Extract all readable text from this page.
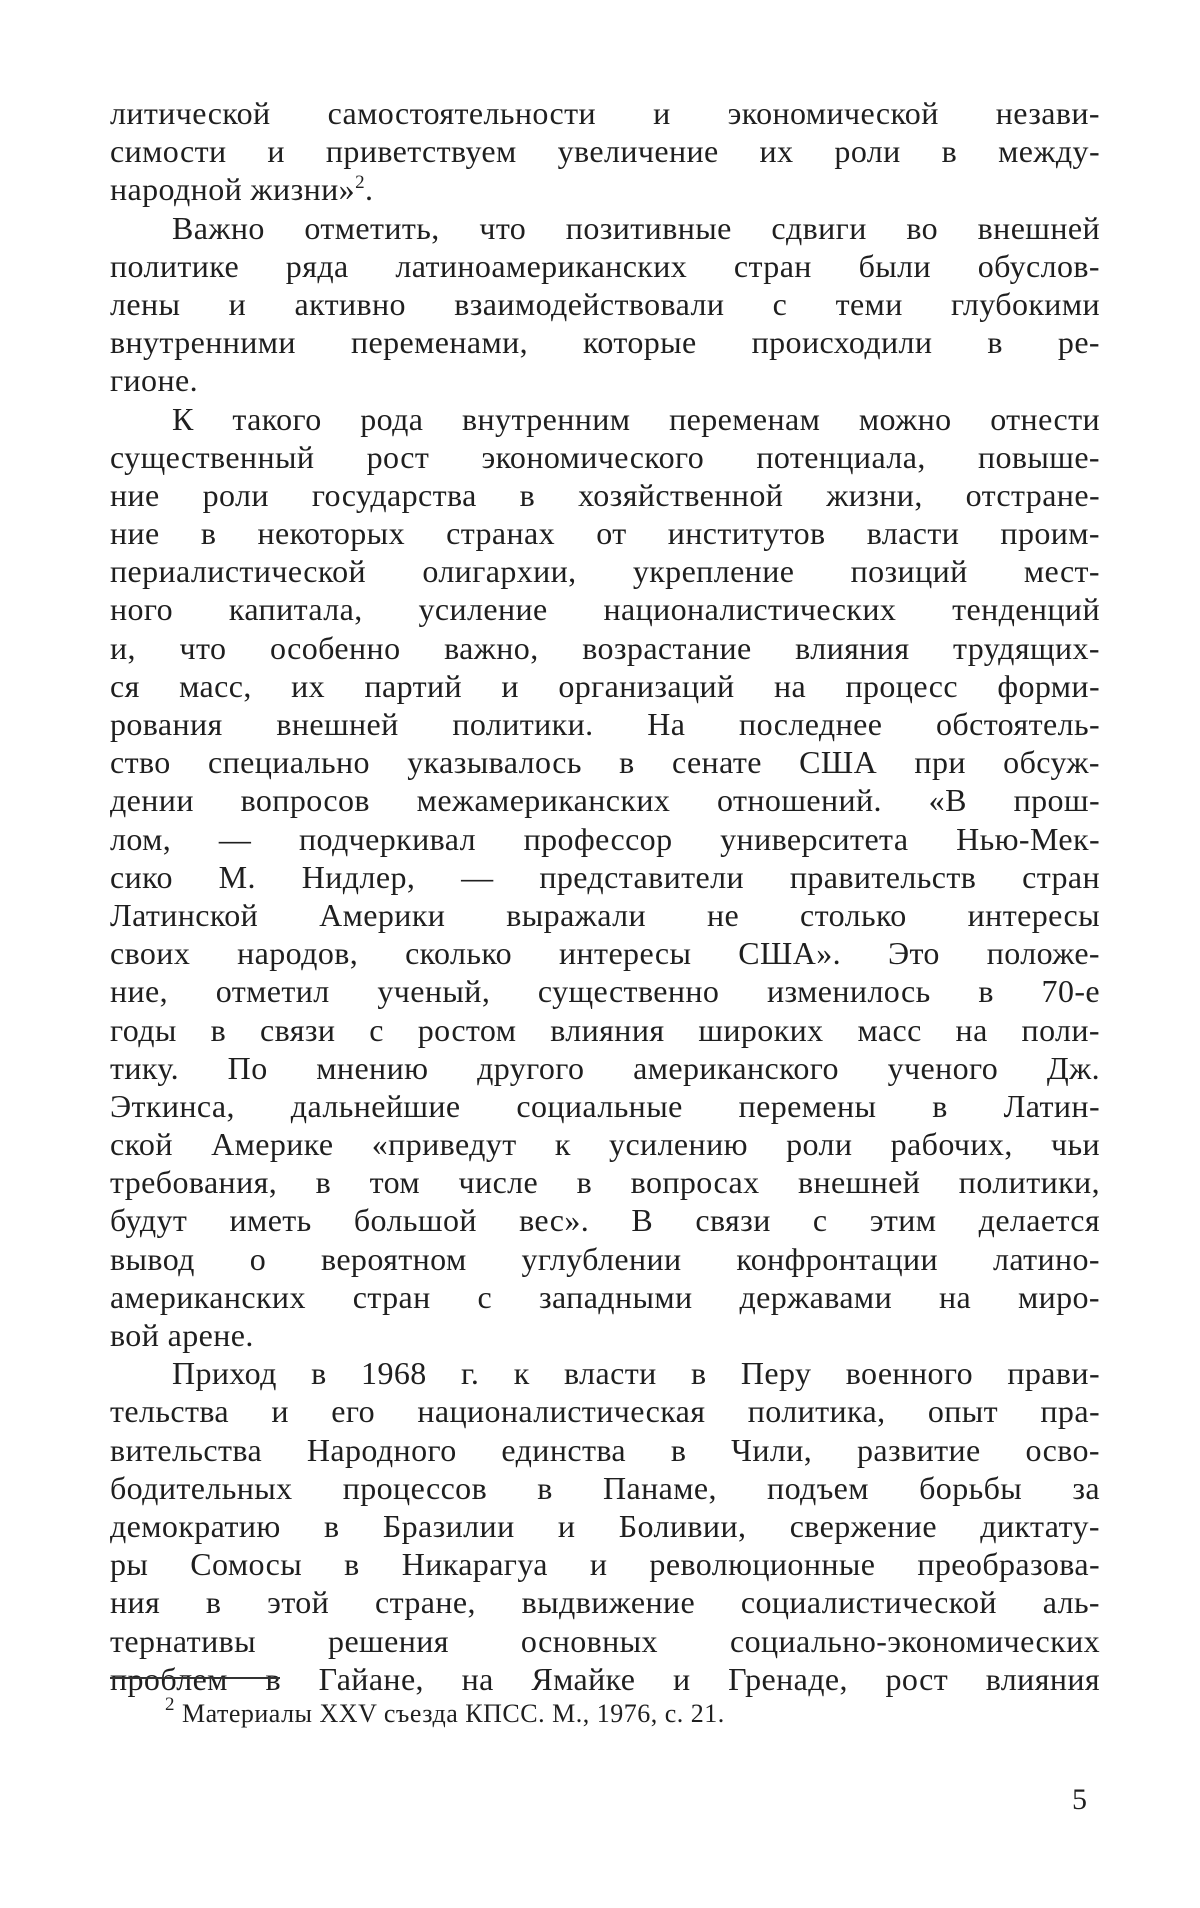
литической самостоятельности и экономической незави-
симости и приветствуем увеличение их роли в между-
народной жизни»$^2$.
Важно отметить, что позитивные сдвиги во внешней
политике ряда латиноамериканских стран были обуслов-
лены и активно взаимодействовали с теми глубокими
внутренними переменами, которые происходили в ре-
гионе.
К такого рода внутренним переменам можно отнести
существенный рост экономического потенциала, повыше-
ние роли государства в хозяйственной жизни, отстране-
ние в некоторых странах от институтов власти проим-
периалистической олигархии, укрепление позиций мест-
ного капитала, усиление националистических тенденций
и, что особенно важно, возрастание влияния трудящих-
ся масс, их партий и организаций на процесс форми-
рования внешней политики. На последнее обстоятель-
ство специально указывалось в сенате США при обсуж-
дении вопросов межамериканских отношений. «В прош-
лом, — подчеркивал профессор университета Нью-Мек-
сико М. Нидлер, — представители правительств стран
Латинской Америки выражали не столько интересы
своих народов, сколько интересы США». Это положе-
ние, отметил ученый, существенно изменилось в 70-е
годы в связи с ростом влияния широких масс на поли-
тику. По мнению другого американского ученого Дж.
Эткинса, дальнейшие социальные перемены в Латин-
ской Америке «приведут к усилению роли рабочих, чьи
требования, в том числе в вопросах внешней политики,
будут иметь большой вес». В связи с этим делается
вывод о вероятном углублении конфронтации латино-
американских стран с западными державами на миро-
вой арене.
Приход в 1968 г. к власти в Перу военного прави-
тельства и его националистическая политика, опыт пра-
вительства Народного единства в Чили, развитие осво-
бодительных процессов в Панаме, подъем борьбы за
демократию в Бразилии и Боливии, свержение диктату-
ры Сомосы в Никарагуа и революционные преобразова-
ния в этой стране, выдвижение социалистической аль-
тернативы решения основных социально-экономических
проблем в Гайане, на Ямайке и Гренаде, рост влияния
$^2$ Материалы XXV съезда КПСС. М., 1976, с. 21.
5
